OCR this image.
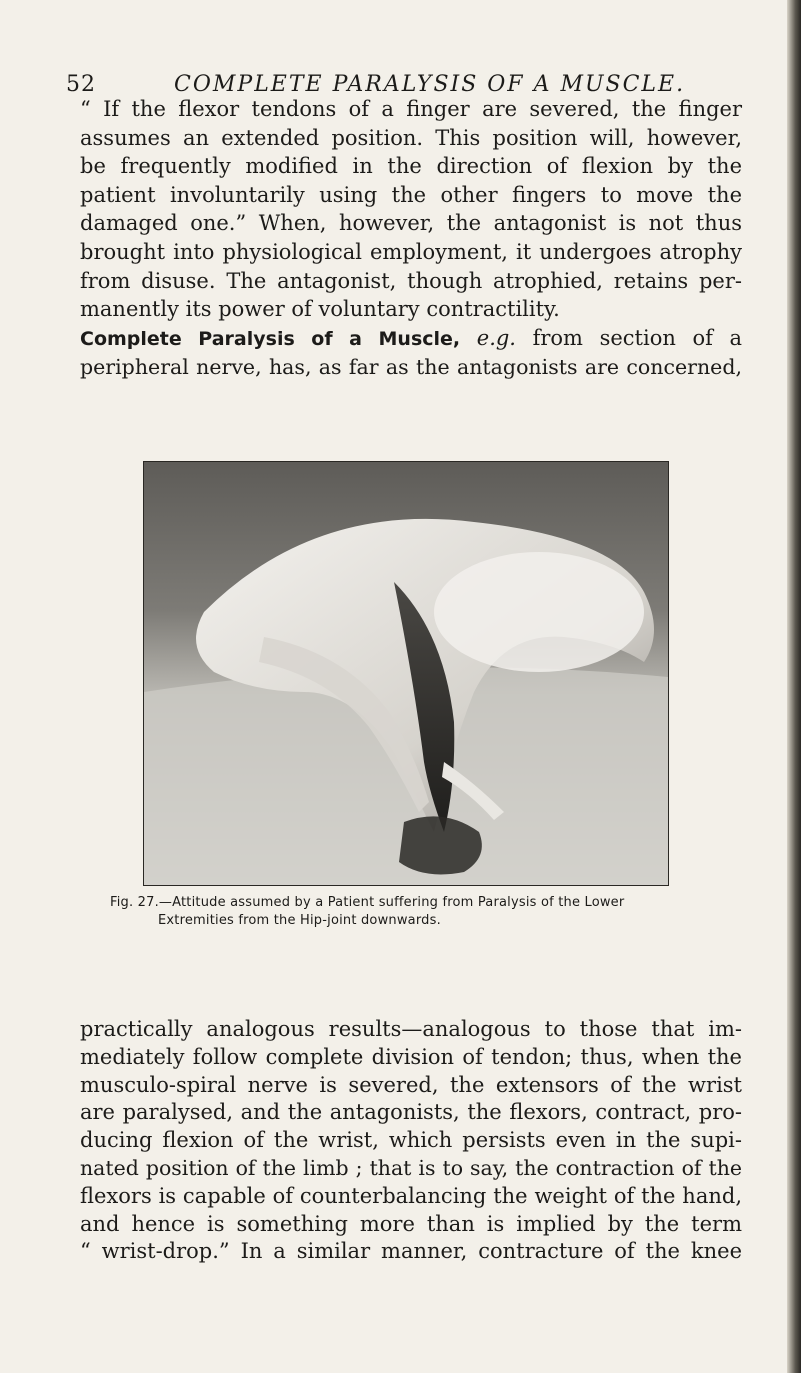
52	COMPLETE PARALYSIS OF A MUSCLE.
“ If the flexor tendons of a finger are severed, the finger
assumes an extended position. This position will, however,
be frequently modified in the direction of flexion by the
patient involuntarily using the other fingers to move the
damaged one.” When, however, the antagonist is not thus
brought into physiological employment, it undergoes atrophy
from disuse. The antagonist, though atrophied, retains per-
manently its power of voluntary contractility.
Complete Paralysis of a Muscle, e.g. from section of a
peripheral nerve, has, as far as the antagonists are concerned,
Fig. 27.—Attitude assumed by a Patient suffering from Paralysis of the Lower
Extremities from the Hip-joint downwards.
practically analogous results—analogous to those that im-
mediately follow complete division of tendon; thus, when the
musculo-spiral nerve is severed, the extensors of the wrist
are paralysed, and the antagonists, the flexors, contract, pro-
ducing flexion of the wrist, which persists even in the supi-
nated position of the limb ; that is to say, the contraction of the
flexors is capable of counterbalancing the weight of the hand,
and hence is something more than is implied by the term
“ wrist-drop.” In a similar manner, contracture of the knee
